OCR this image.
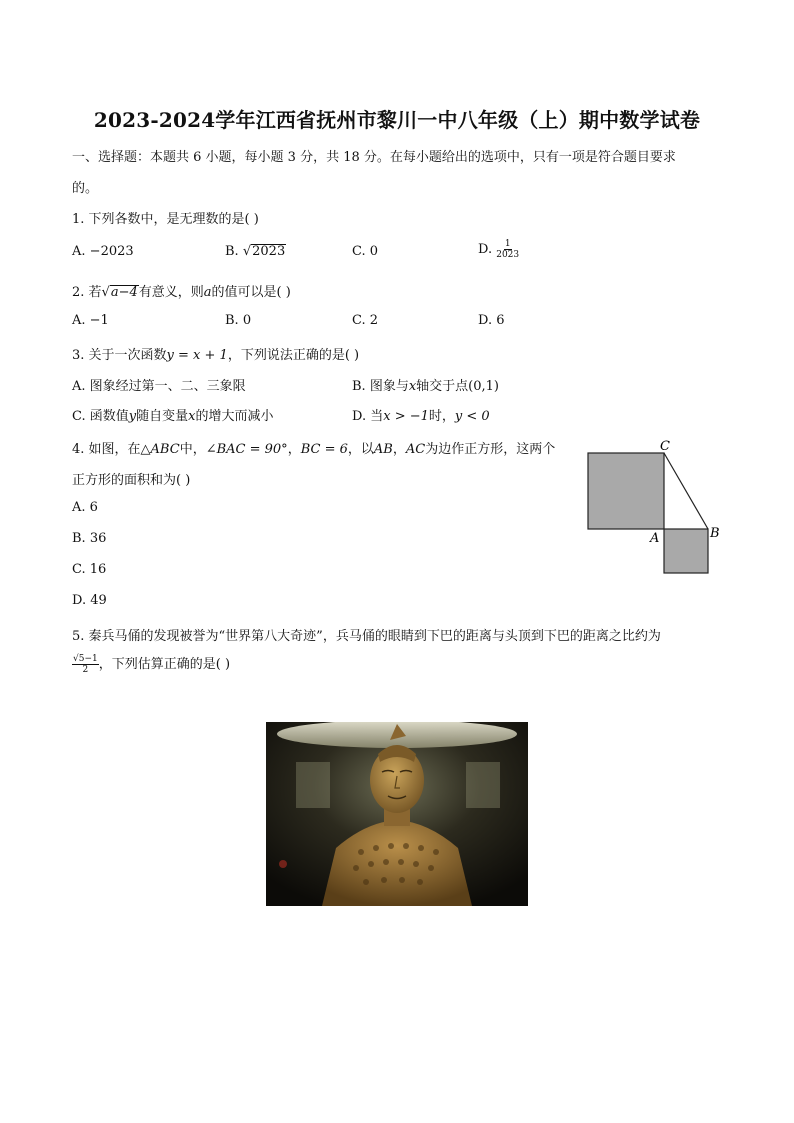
2023-2024学年江西省抚州市黎川一中八年级（上）期中数学试卷
一、选择题：本题共 6 小题，每小题 3 分，共 18 分。在每小题给出的选项中，只有一项是符合题目要求
的。
1. 下列各数中，是无理数的是( )
A. −2023	B. √2023	C. 0	D. $\frac{1}{2023}$
2. 若√a−4有意义，则a的值可以是( )
A. −1	B. 0	C. 2	D. 6
3. 关于一次函数y = x + 1，下列说法正确的是( )
A. 图象经过第一、二、三象限	B. 图象与x轴交于点(0,1)
C. 函数值y随自变量x的增大而减小	D. 当x > −1时，y < 0
4. 如图，在△ABC中，∠BAC = 90°，BC = 6，以AB，AC为边作正方形，这两个
正方形的面积和为( )
A. 6
B. 36
C. 16
D. 49
C
A	B
5. 秦兵马俑的发现被誉为“世界第八大奇迹”，兵马俑的眼睛到下巴的距离与头顶到下巴的距离之比约为
$\frac{√5-1}{2}$ ，下列估算正确的是( )
